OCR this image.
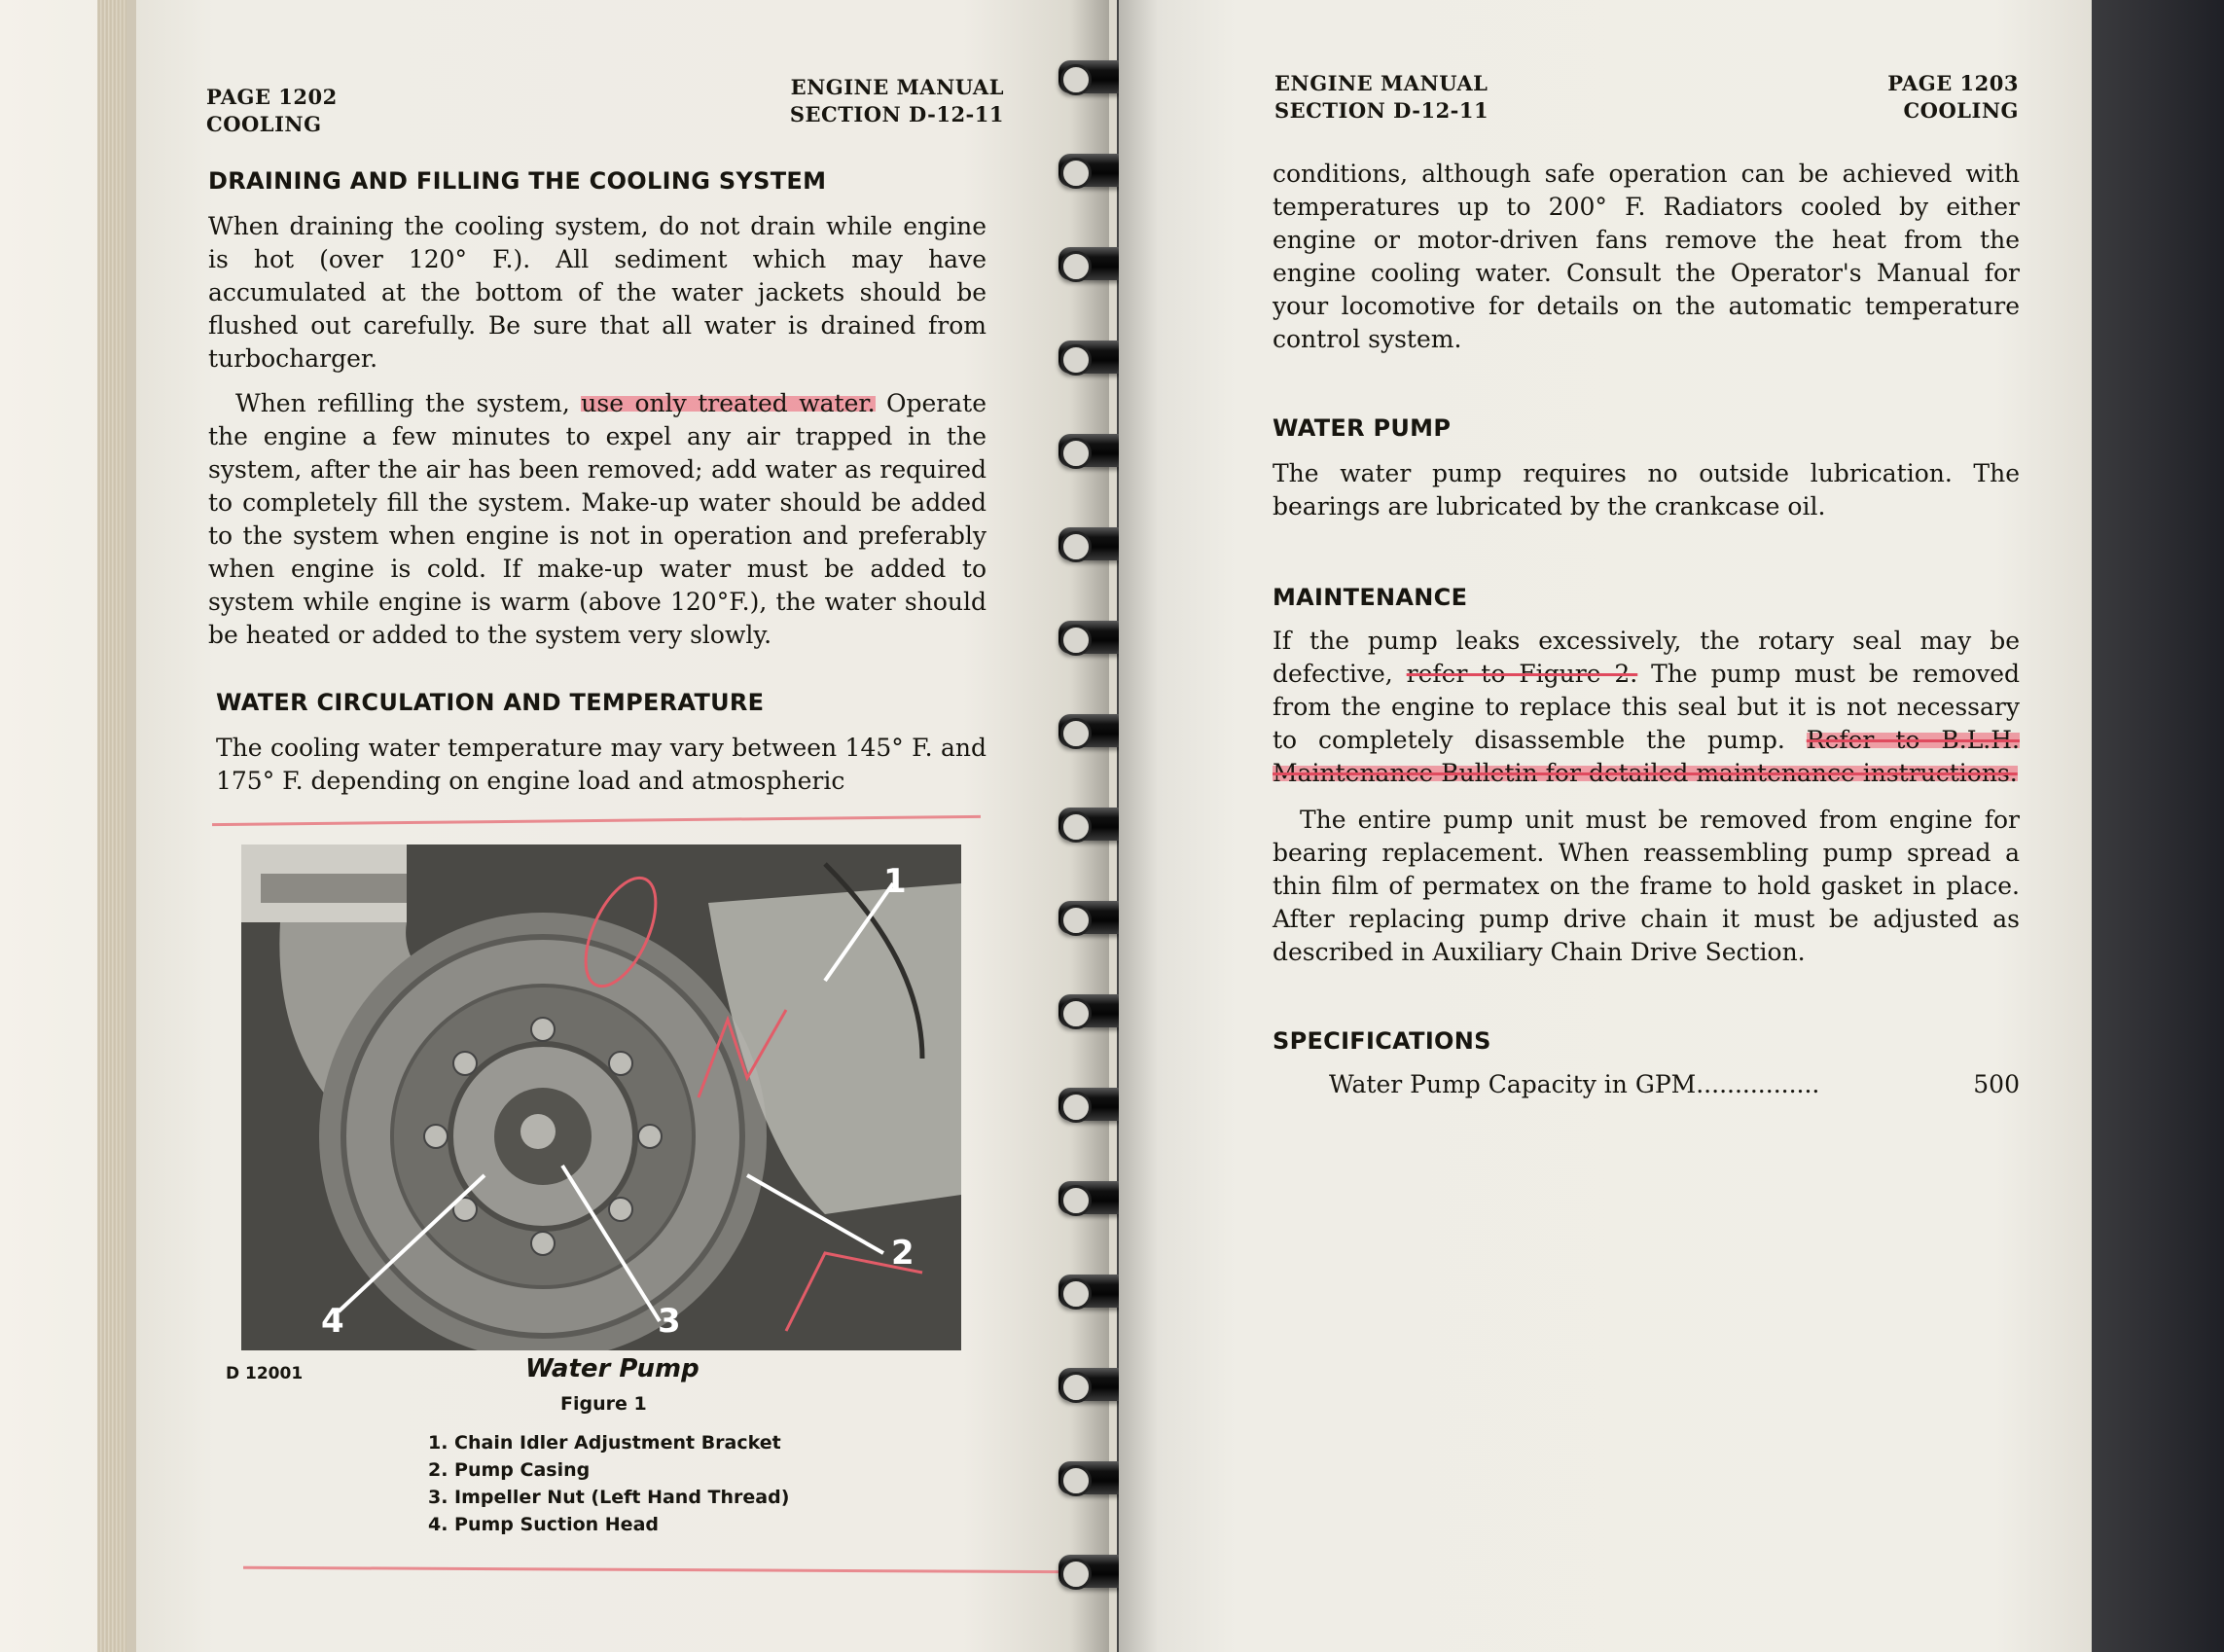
PAGE 1202
COOLING
ENGINE MANUAL
SECTION D-12-11
DRAINING AND FILLING THE COOLING SYSTEM

When draining the cooling system, do not drain while engine is hot (over 120° F.). All sediment which may have accumulated at the bottom of the water jackets should be flushed out carefully. Be sure that all water is drained from turbocharger.

When refilling the system, use only treated water. Operate the engine a few minutes to expel any air trapped in the system, after the air has been removed; add water as required to completely fill the system. Make-up water should be added to the system when engine is not in operation and preferably when engine is cold. If make-up water must be added to system while engine is warm (above 120°F.), the water should be heated or added to the system very slowly.

WATER CIRCULATION AND TEMPERATURE

The cooling water temperature may vary between 145° F. and 175° F. depending on engine load and atmospheric

1
2
3
4
D 12001	Water Pump
Figure 1
1. Chain Idler Adjustment Bracket
2. Pump Casing
3. Impeller Nut (Left Hand Thread)
4. Pump Suction Head
ENGINE MANUAL
SECTION D-12-11
PAGE 1203
COOLING

conditions, although safe operation can be achieved with temperatures up to 200° F. Radiators cooled by either engine or motor-driven fans remove the heat from the engine cooling water. Consult the Operator's Manual for your locomotive for details on the automatic temperature control system.

WATER PUMP

The water pump requires no outside lubrication. The bearings are lubricated by the crankcase oil.

MAINTENANCE

If the pump leaks excessively, the rotary seal may be defective, refer to Figure 2. The pump must be removed from the engine to replace this seal but it is not necessary to completely disassemble the pump. Refer to B.L.H. Maintenance Bulletin for detailed maintenance instructions.

The entire pump unit must be removed from engine for bearing replacement. When reassembling pump spread a thin film of permatex on the frame to hold gasket in place. After replacing pump drive chain it must be adjusted as described in Auxiliary Chain Drive Section.

SPECIFICATIONS
Water Pump Capacity in GPM................	500
